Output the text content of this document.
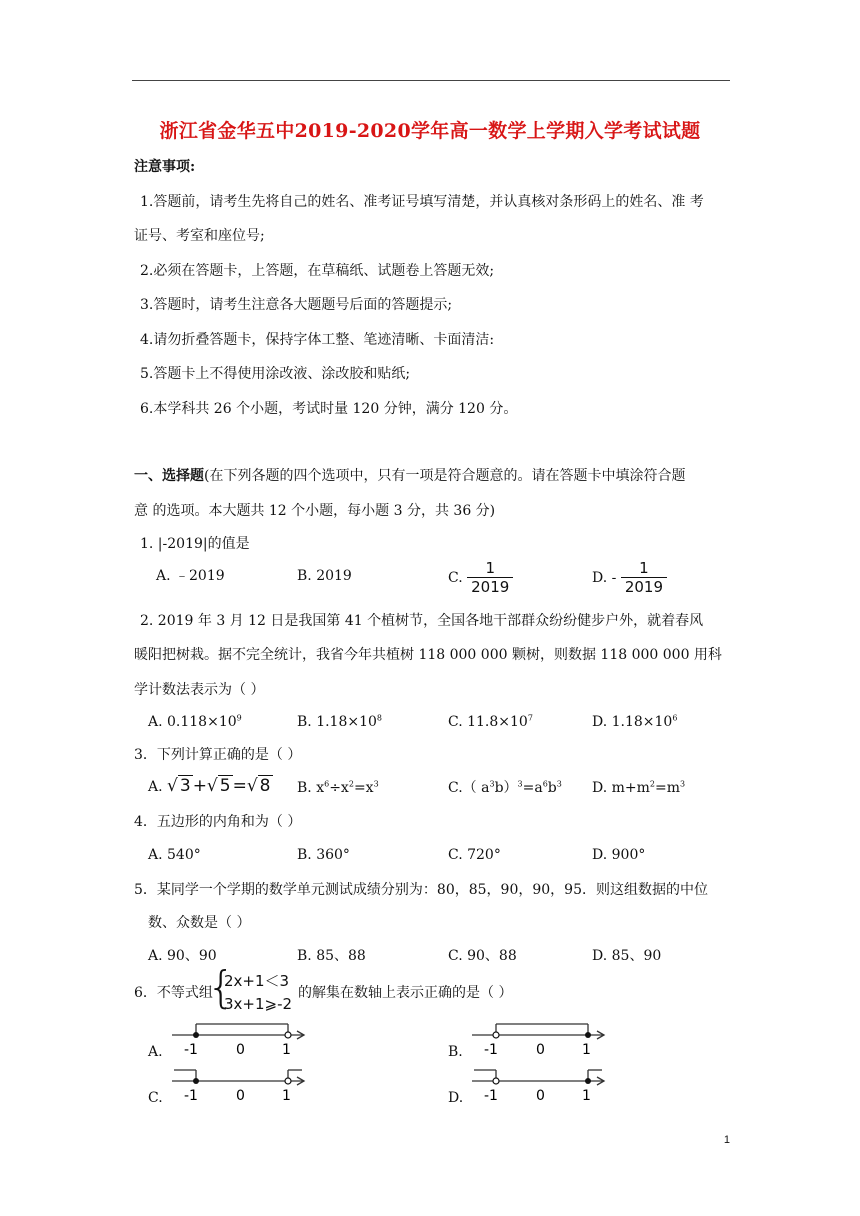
浙江省金华五中2019-2020学年高一数学上学期入学考试试题
注意事项:
1.答题前，请考生先将自己的姓名、准考证号填写清楚，并认真核对条形码上的姓名、准 考
证号、考室和座位号;
2.必须在答题卡，上答题，在草稿纸、试题卷上答题无效;
3.答题时，请考生注意各大题题号后面的答题提示;
4.请勿折叠答题卡，保持字体工整、笔迹清晰、卡面清洁:
5.答题卡上不得使用涂改液、涂改胶和贴纸;
6.本学科共 26 个小题，考试时量 120 分钟，满分 120 分。
一、选择题(在下列各题的四个选项中，只有一项是符合题意的。请在答题卡中填涂符合题
意 的选项。本大题共 12 个小题，每小题 3 分，共 36 分)
1. |-2019|的值是
A. ﹣2019	B. 2019	C. $\frac{1}{2019}$	D. - $\frac{1}{2019}$
2. 2019 年 3 月 12 日是我国第 41 个植树节，全国各地干部群众纷纷健步户外，就着春风
暖阳把树栽。据不完全统计，我省今年共植树 118 000 000 颗树，则数据 118 000 000 用科
学计数法表示为（ ）
A. $0.118\times 10^9$	B. $1.18\times 10^8$	C. $11.8\times 10^7$	D. $1.18\times 10^6$
3．下列计算正确的是（ ）
A. √ 3 +√ 5 =√ 8 B. $x^6\div x^2=x^3$	C.（ $a^3b)^3=a^6b^3$ D. $m+m^2=m^3$
4．五边形的内角和为（ ）
A. 540°	B. 360°	C. 720°	D. 900°
5．某同学一个学期的数学单元测试成绩分别为：80，85，90，90，95．则这组数据的中位
数、众数是（ ）
A. 90、90	B. 85、88	C. 90、88	D. 85、90
6．不等式组
{
2x+1＜3
3x+1⩾-2
的解集在数轴上表示正确的是（ ）
A. -1	0	1	B. -1	0	1
C. -1	0	1	D. -1	0	1
1
